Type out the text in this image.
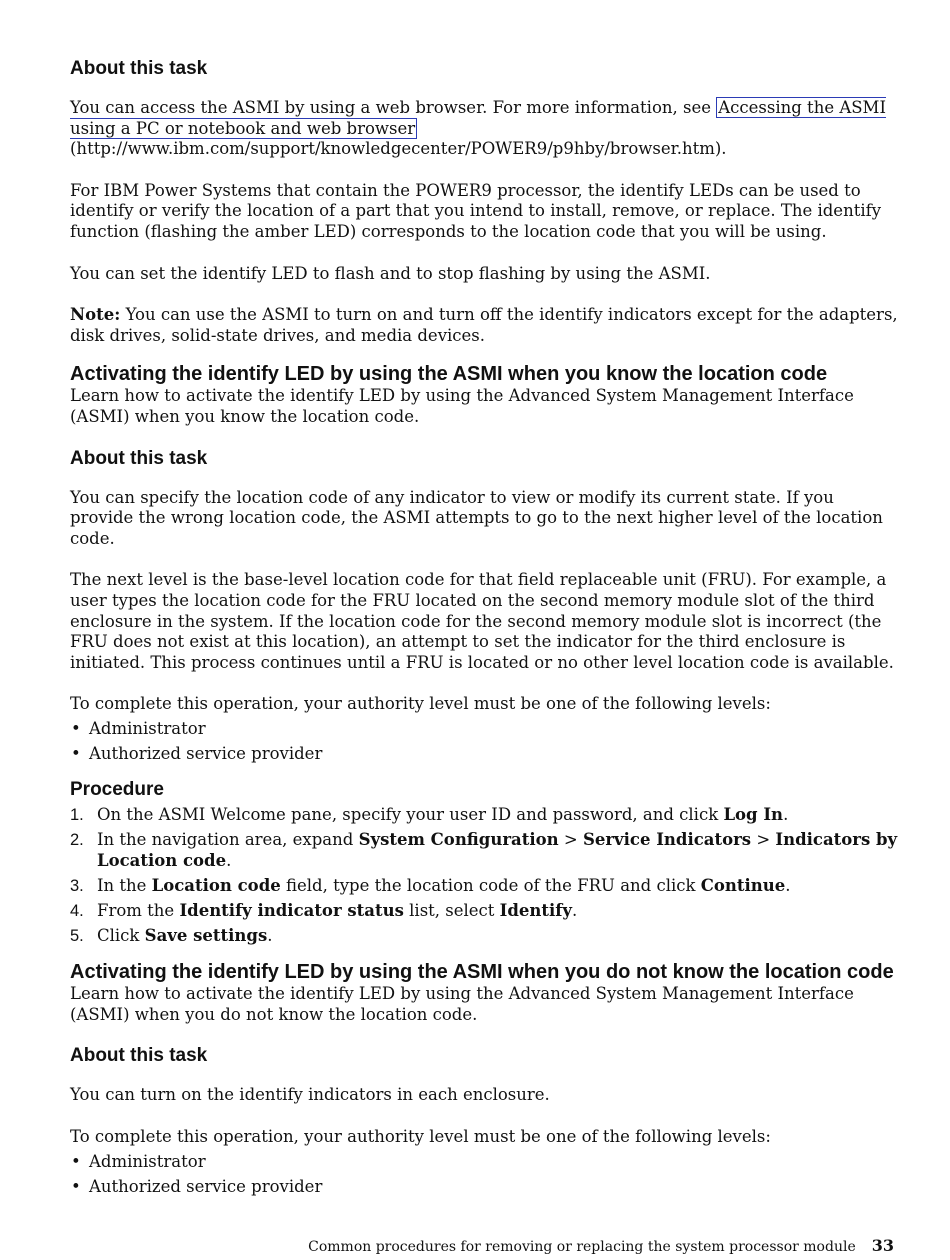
About this task

You can access the ASMI by using a web browser. For more information, see Accessing the ASMI using a PC or notebook and web browser (http://www.ibm.com/support/knowledgecenter/POWER9/p9hby/browser.htm).

For IBM Power Systems that contain the POWER9 processor, the identify LEDs can be used to identify or verify the location of a part that you intend to install, remove, or replace. The identify function (flashing the amber LED) corresponds to the location code that you will be using.

You can set the identify LED to flash and to stop flashing by using the ASMI.

Note: You can use the ASMI to turn on and turn off the identify indicators except for the adapters, disk drives, solid-state drives, and media devices.

Activating the identify LED by using the ASMI when you know the location code

Learn how to activate the identify LED by using the Advanced System Management Interface (ASMI) when you know the location code.

About this task

You can specify the location code of any indicator to view or modify its current state. If you provide the wrong location code, the ASMI attempts to go to the next higher level of the location code.

The next level is the base-level location code for that field replaceable unit (FRU). For example, a user types the location code for the FRU located on the second memory module slot of the third enclosure in the system. If the location code for the second memory module slot is incorrect (the FRU does not exist at this location), an attempt to set the indicator for the third enclosure is initiated. This process continues until a FRU is located or no other level location code is available.

To complete this operation, your authority level must be one of the following levels:

• Administrator
• Authorized service provider
Procedure
1. On the ASMI Welcome pane, specify your user ID and password, and click Log In.
2. In the navigation area, expand System Configuration > Service Indicators > Indicators by Location code.
3. In the Location code field, type the location code of the FRU and click Continue.
4. From the Identify indicator status list, select Identify.
5. Click Save settings.
Activating the identify LED by using the ASMI when you do not know the location code

Learn how to activate the identify LED by using the Advanced System Management Interface (ASMI) when you do not know the location code.

About this task

You can turn on the identify indicators in each enclosure.

To complete this operation, your authority level must be one of the following levels:

• Administrator
• Authorized service provider
Common procedures for removing or replacing the system processor module 33
